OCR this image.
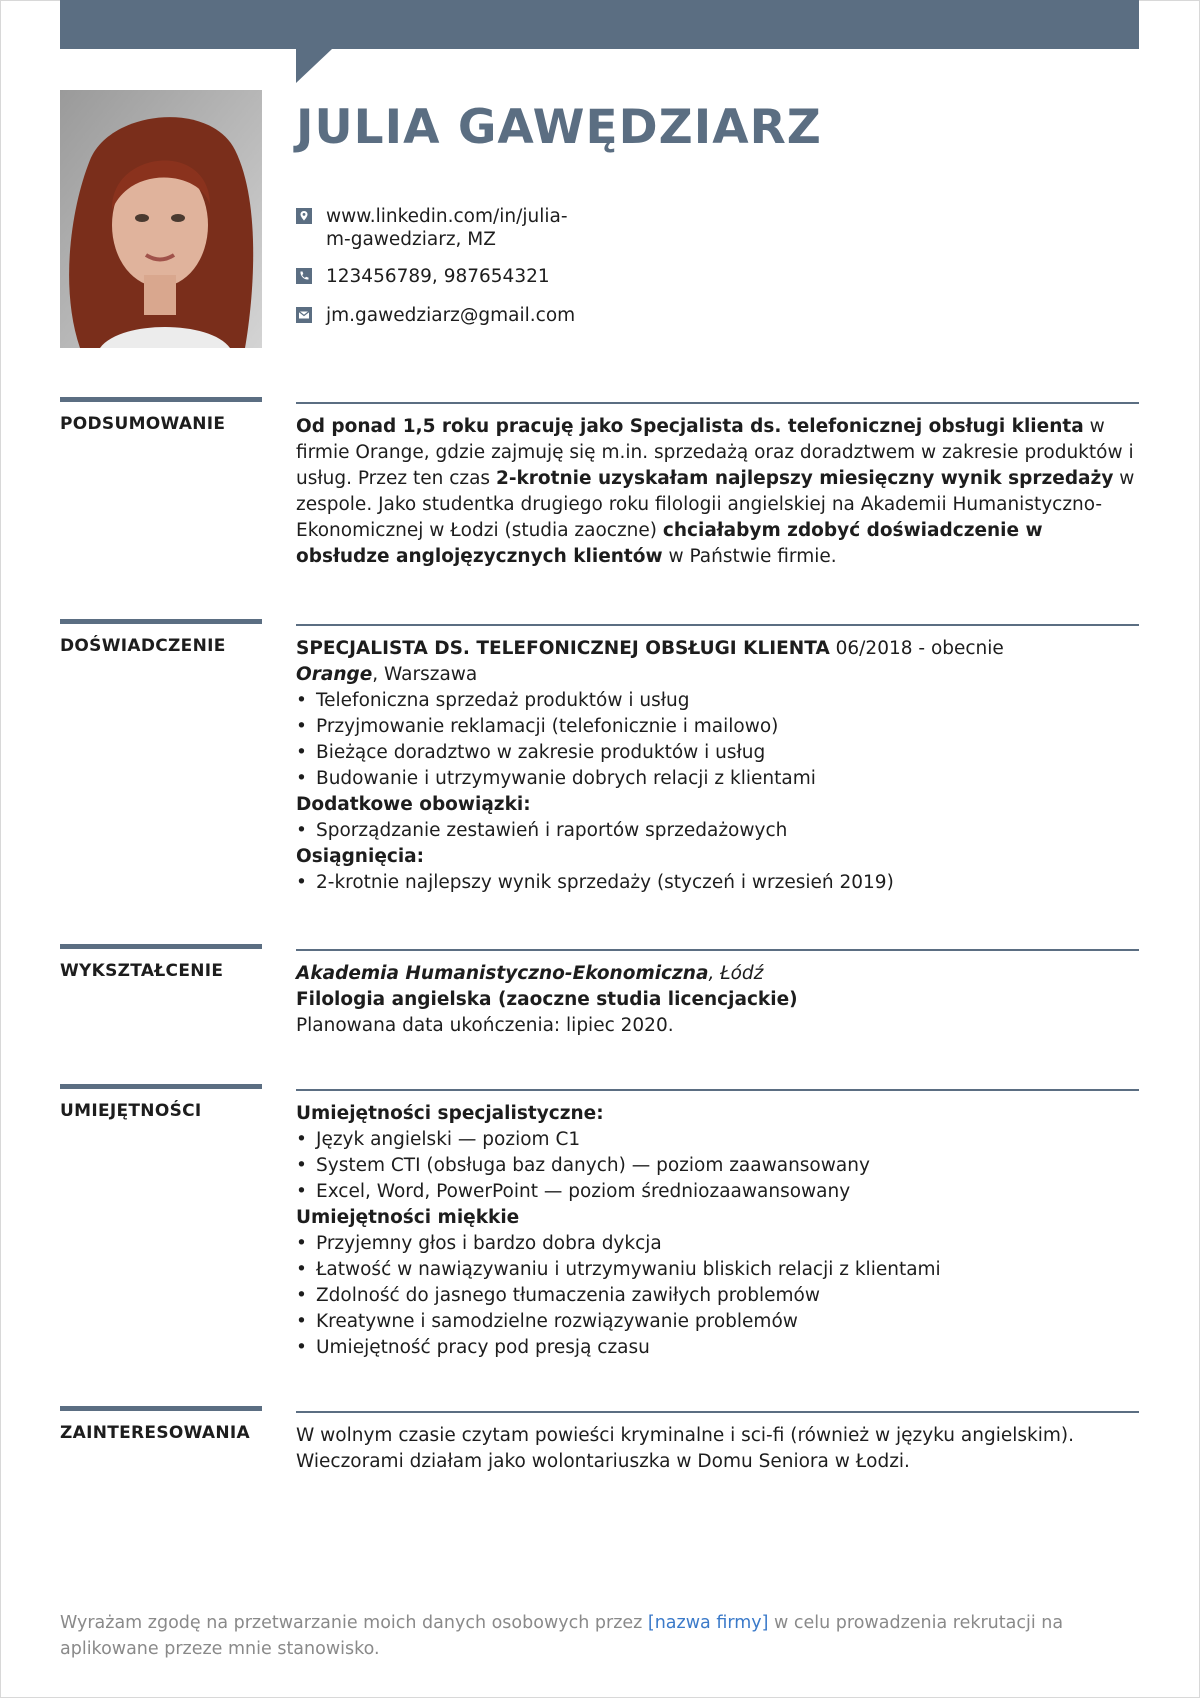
JULIA GAWĘDZIARZ
www.linkedin.com/in/julia-
m-gawedziarz, MZ
123456789, 987654321
jm.gawedziarz@gmail.com
PODSUMOWANIE	Od ponad 1,5 roku pracuję jako Specjalista ds. telefonicznej obsługi klienta w firmie Orange, gdzie zajmuję się m.in. sprzedażą oraz doradztwem w zakresie produktów i usług. Przez ten czas 2-krotnie uzyskałam najlepszy miesięczny wynik sprzedaży w zespole. Jako studentka drugiego roku filologii angielskiej na Akademii Humanistyczno-Ekonomicznej w Łodzi (studia zaoczne) chciałabym zdobyć doświadczenie w obsłudze anglojęzycznych klientów w Państwie firmie.

DOŚWIADCZENIE	SPECJALISTA DS. TELEFONICZNEJ OBSŁUGI KLIENTA 06/2018 - obecnie

Orange, Warszawa

• Telefoniczna sprzedaż produktów i usług
• Przyjmowanie reklamacji (telefonicznie i mailowo)
• Bieżące doradztwo w zakresie produktów i usług
• Budowanie i utrzymywanie dobrych relacji z klientami

Dodatkowe obowiązki:

• Sporządzanie zestawień i raportów sprzedażowych

Osiągnięcia:

• 2-krotnie najlepszy wynik sprzedaży (styczeń i wrzesień 2019)
WYKSZTAŁCENIE	Akademia Humanistyczno-Ekonomiczna, Łódź

Filologia angielska (zaoczne studia licencjackie)

Planowana data ukończenia: lipiec 2020.

UMIEJĘTNOŚCI	Umiejętności specjalistyczne:

• Język angielski — poziom C1
• System CTI (obsługa baz danych) — poziom zaawansowany
• Excel, Word, PowerPoint — poziom średniozaawansowany

Umiejętności miękkie

• Przyjemny głos i bardzo dobra dykcja
• Łatwość w nawiązywaniu i utrzymywaniu bliskich relacji z klientami
• Zdolność do jasnego tłumaczenia zawiłych problemów
• Kreatywne i samodzielne rozwiązywanie problemów
• Umiejętność pracy pod presją czasu
ZAINTERESOWANIA W wolnym czasie czytam powieści kryminalne i sci-fi (również w języku angielskim).

Wieczorami działam jako wolontariuszka w Domu Seniora w Łodzi.

Wyrażam zgodę na przetwarzanie moich danych osobowych przez [nazwa firmy] w celu prowadzenia rekrutacji na aplikowane przeze mnie stanowisko.
